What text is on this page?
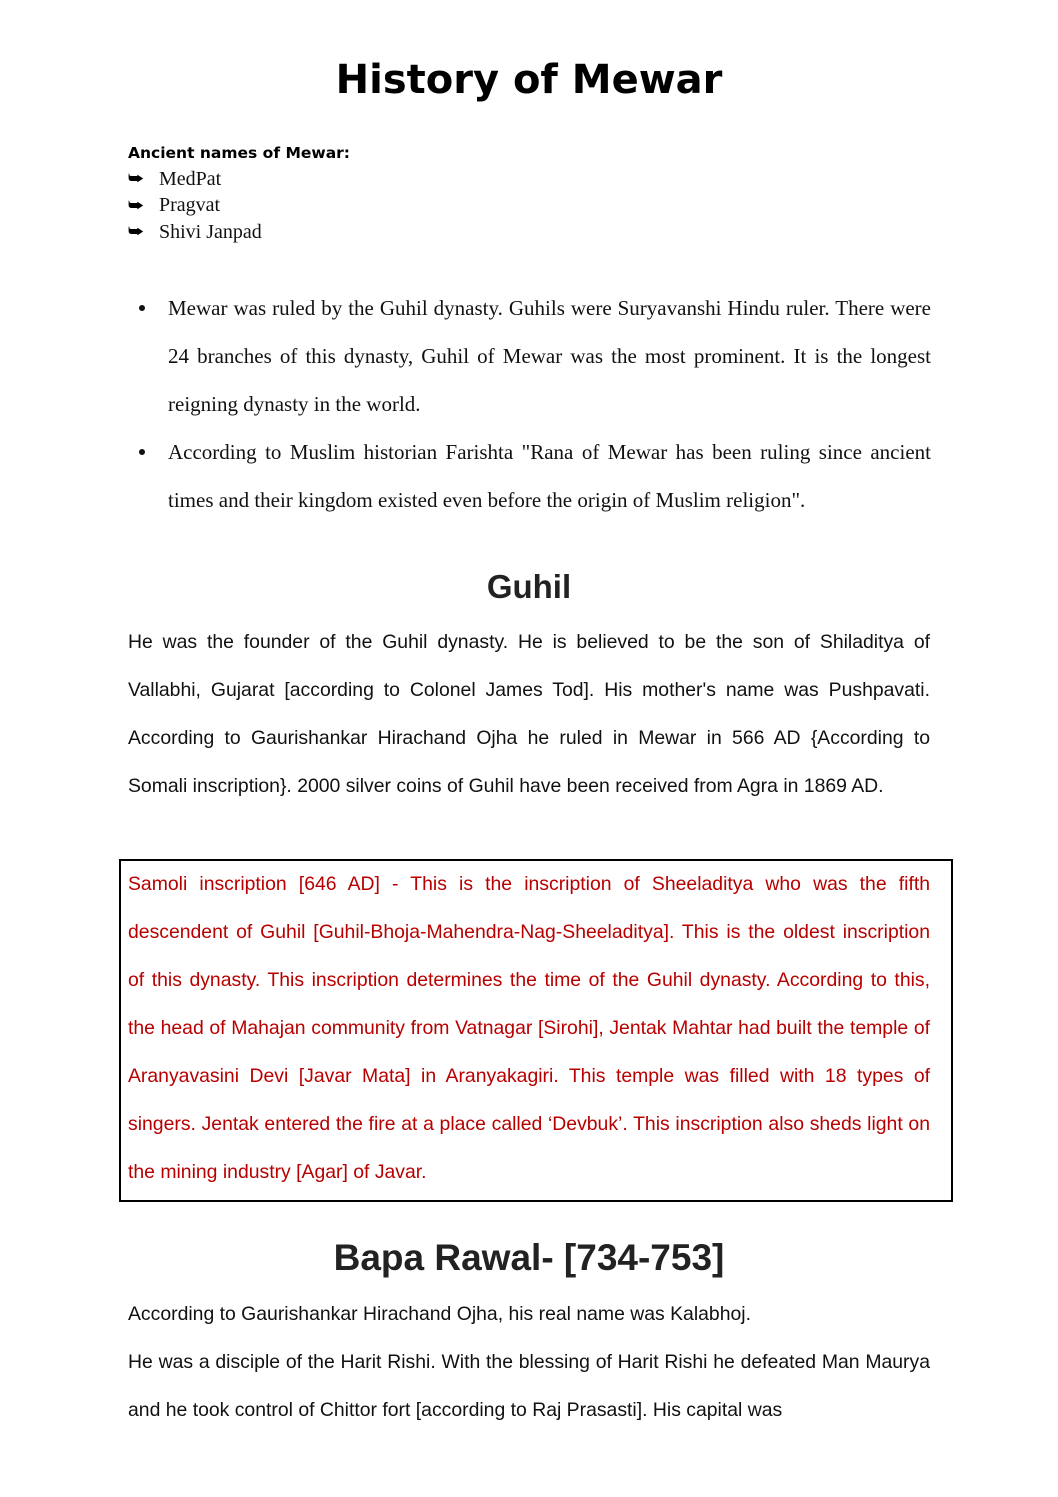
History of Mewar
Ancient names of Mewar:
⮩ MedPat
⮩ Pragvat
⮩ Shivi Janpad
Mewar was ruled by the Guhil dynasty. Guhils were Suryavanshi Hindu ruler. There were 24 branches of this dynasty, Guhil of Mewar was the most prominent. It is the longest reigning dynasty in the world.
According to Muslim historian Farishta "Rana of Mewar has been ruling since ancient times and their kingdom existed even before the origin of Muslim religion".
Guhil

He was the founder of the Guhil dynasty. He is believed to be the son of Shiladitya of Vallabhi, Gujarat [according to Colonel James Tod]. His mother's name was Pushpavati. According to Gaurishankar Hirachand Ojha he ruled in Mewar in 566 AD {According to Somali inscription}. 2000 silver coins of Guhil have been received from Agra in 1869 AD.

Samoli inscription [646 AD] - This is the inscription of Sheeladitya who was the fifth descendent of Guhil [Guhil-Bhoja-Mahendra-Nag-Sheeladitya]. This is the oldest inscription of this dynasty. This inscription determines the time of the Guhil dynasty. According to this, the head of Mahajan community from Vatnagar [Sirohi], Jentak Mahtar had built the temple of Aranyavasini Devi [Javar Mata] in Aranyakagiri. This temple was filled with 18 types of singers. Jentak entered the fire at a place called ‘Devbuk’. This inscription also sheds light on the mining industry [Agar] of Javar.

Bapa Rawal- [734-753]

According to Gaurishankar Hirachand Ojha, his real name was Kalabhoj.

He was a disciple of the Harit Rishi. With the blessing of Harit Rishi he defeated Man Maurya and he took control of Chittor fort [according to Raj Prasasti]. His capital was
